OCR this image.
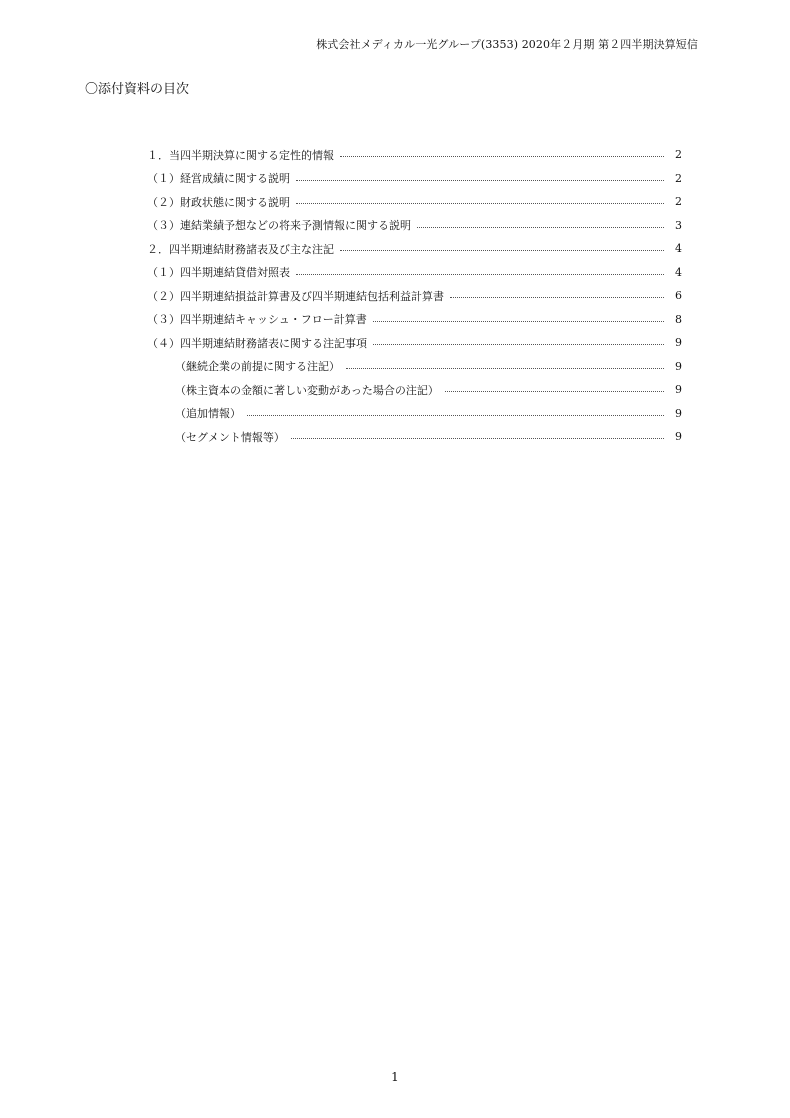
株式会社メディカル一光グループ(3353) 2020年２月期 第２四半期決算短信
〇添付資料の目次
１．当四半期決算に関する定性的情報	2
（１）経営成績に関する説明	2
（２）財政状態に関する説明	2
（３）連結業績予想などの将来予測情報に関する説明	3
２．四半期連結財務諸表及び主な注記	4
（１）四半期連結貸借対照表	4
（２）四半期連結損益計算書及び四半期連結包括利益計算書	6
（３）四半期連結キャッシュ・フロー計算書	8
（４）四半期連結財務諸表に関する注記事項	9
（継続企業の前提に関する注記）	9
（株主資本の金額に著しい変動があった場合の注記）	9
（追加情報）	9
（セグメント情報等）	9
1
